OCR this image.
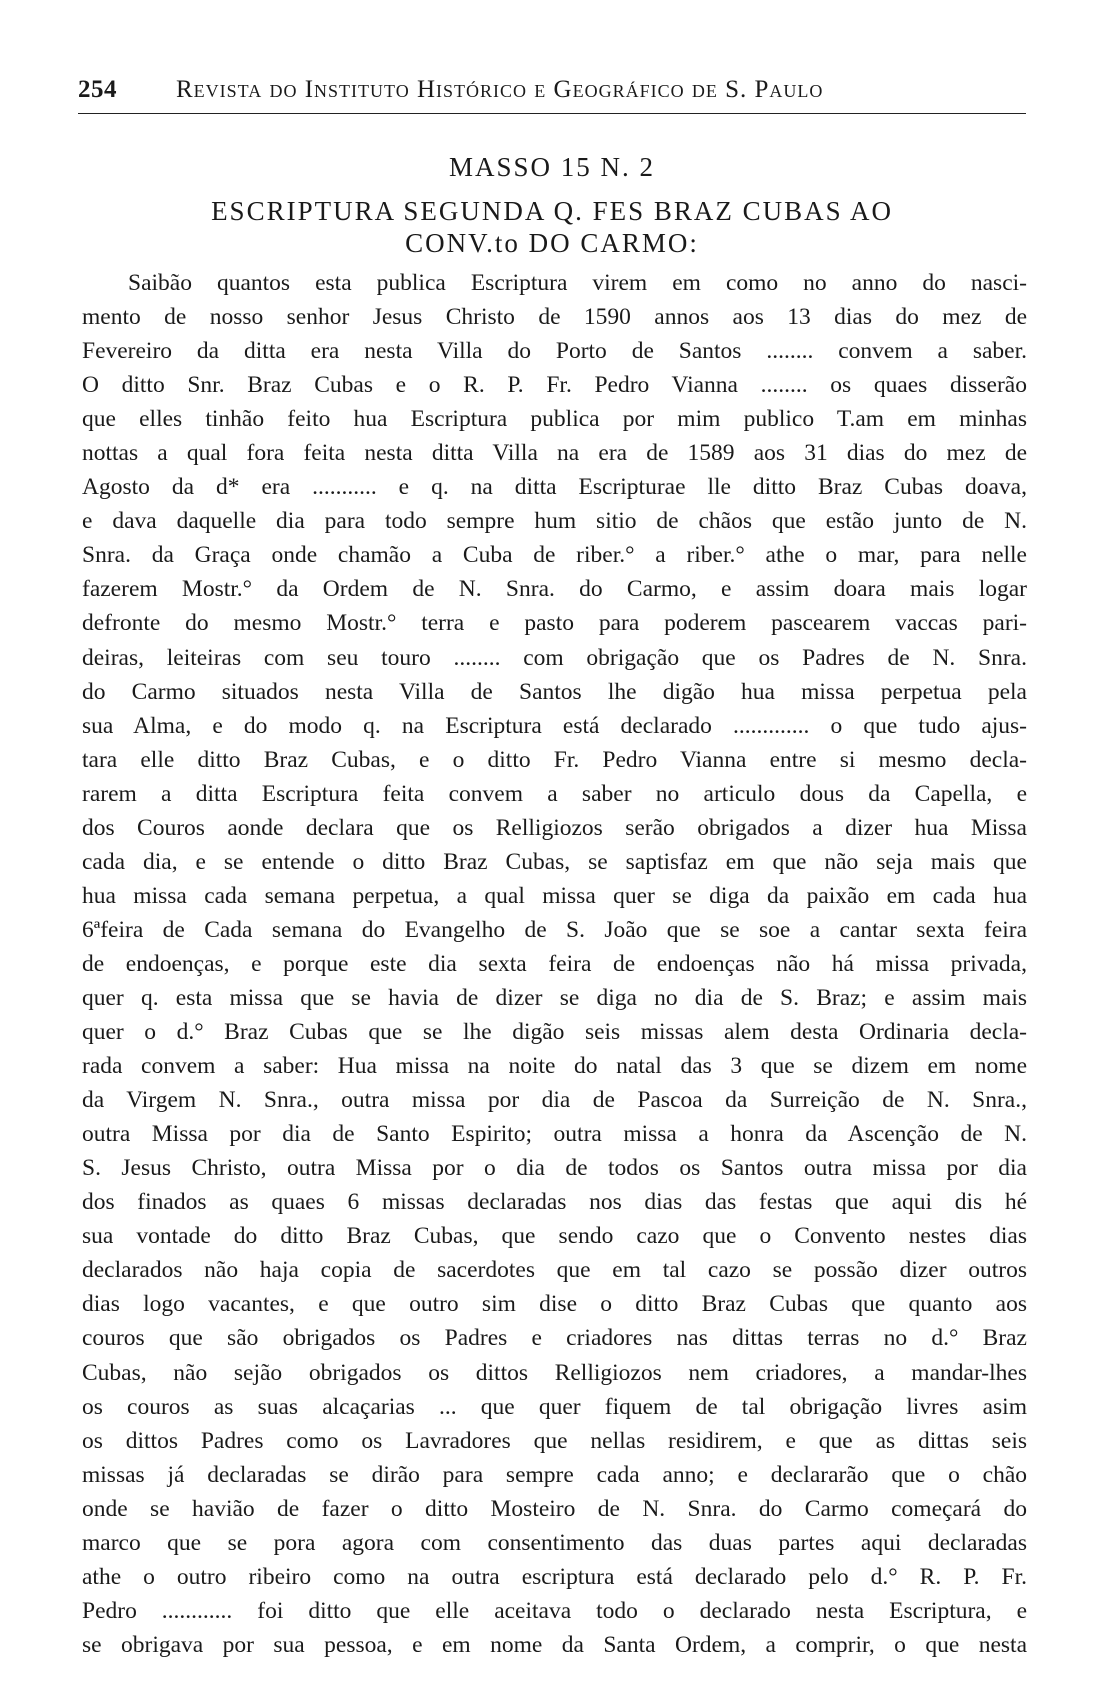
254 Revista do Instituto Histórico e Geográfico de S. Paulo
MASSO 15 N. 2
ESCRIPTURA SEGUNDA Q. FES BRAZ CUBAS AO
CONV.to DO CARMO:
Saibão quantos esta publica Escriptura virem em como no anno do nasci-
mento de nosso senhor Jesus Christo de 1590 annos aos 13 dias do mez de
Fevereiro da ditta era nesta Villa do Porto de Santos ........ convem a saber.
O ditto Snr. Braz Cubas e o R. P. Fr. Pedro Vianna ........ os quaes disserão
que elles tinhão feito hua Escriptura publica por mim publico T.am em minhas
nottas a qual fora feita nesta ditta Villa na era de 1589 aos 31 dias do mez de
Agosto da d* era ........... e q. na ditta Escripturae lle ditto Braz Cubas doava,
e dava daquelle dia para todo sempre hum sitio de chãos que estão junto de N.
Snra. da Graça onde chamão a Cuba de riber.° a riber.° athe o mar, para nelle
fazerem Mostr.° da Ordem de N. Snra. do Carmo, e assim doara mais logar
defronte do mesmo Mostr.° terra e pasto para poderem pascearem vaccas pari-
deiras, leiteiras com seu touro ........ com obrigação que os Padres de N. Snra.
do Carmo situados nesta Villa de Santos lhe digão hua missa perpetua pela
sua Alma, e do modo q. na Escriptura está declarado ............. o que tudo ajus-
tara elle ditto Braz Cubas, e o ditto Fr. Pedro Vianna entre si mesmo decla-
rarem a ditta Escriptura feita convem a saber no articulo dous da Capella, e
dos Couros aonde declara que os Relligiozos serão obrigados a dizer hua Missa
cada dia, e se entende o ditto Braz Cubas, se saptisfaz em que não seja mais que
hua missa cada semana perpetua, a qual missa quer se diga da paixão em cada hua
6ªfeira de Cada semana do Evangelho de S. João que se soe a cantar sexta feira
de endoenças, e porque este dia sexta feira de endoenças não há missa privada,
quer q. esta missa que se havia de dizer se diga no dia de S. Braz; e assim mais
quer o d.° Braz Cubas que se lhe digão seis missas alem desta Ordinaria decla-
rada convem a saber: Hua missa na noite do natal das 3 que se dizem em nome
da Virgem N. Snra., outra missa por dia de Pascoa da Surreição de N. Snra.,
outra Missa por dia de Santo Espirito; outra missa a honra da Ascenção de N.
S. Jesus Christo, outra Missa por o dia de todos os Santos outra missa por dia
dos finados as quaes 6 missas declaradas nos dias das festas que aqui dis hé
sua vontade do ditto Braz Cubas, que sendo cazo que o Convento nestes dias
declarados não haja copia de sacerdotes que em tal cazo se possão dizer outros
dias logo vacantes, e que outro sim dise o ditto Braz Cubas que quanto aos
couros que são obrigados os Padres e criadores nas dittas terras no d.° Braz
Cubas, não sejão obrigados os dittos Relligiozos nem criadores, a mandar-lhes
os couros as suas alcaçarias ... que quer fiquem de tal obrigação livres asim
os dittos Padres como os Lavradores que nellas residirem, e que as dittas seis
missas já declaradas se dirão para sempre cada anno; e declararão que o chão
onde se havião de fazer o ditto Mosteiro de N. Snra. do Carmo começará do
marco que se pora agora com consentimento das duas partes aqui declaradas
athe o outro ribeiro como na outra escriptura está declarado pelo d.° R. P. Fr.
Pedro ............ foi ditto que elle aceitava todo o declarado nesta Escriptura, e
se obrigava por sua pessoa, e em nome da Santa Ordem, a comprir, o que nesta
